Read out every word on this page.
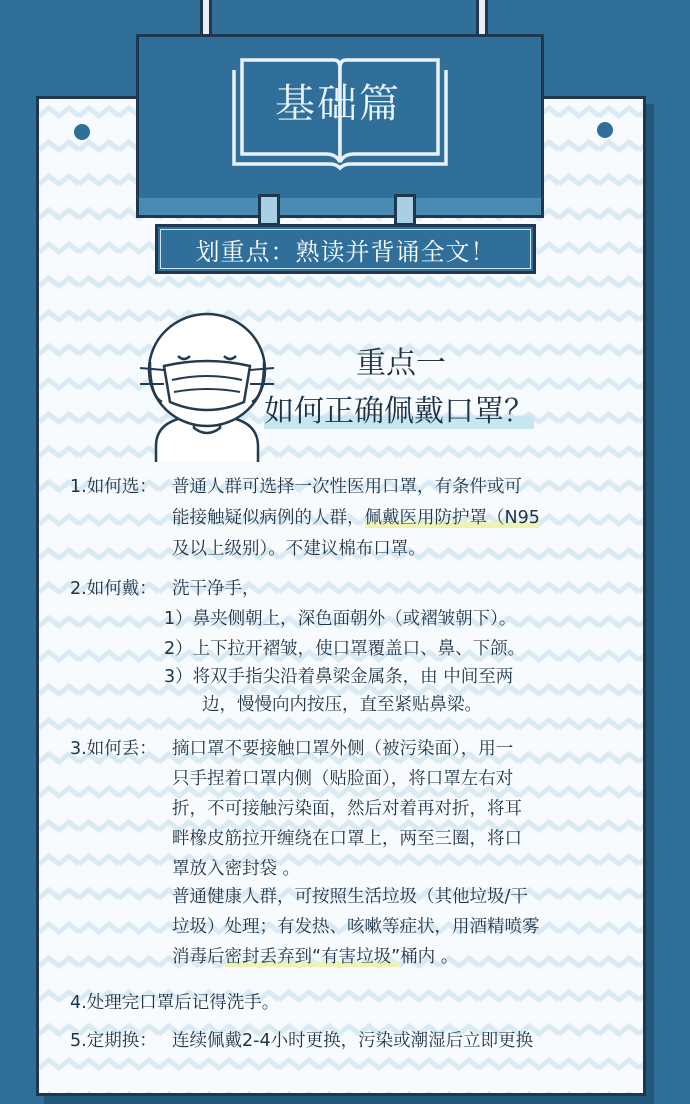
基础篇
划重点：熟读并背诵全文！
重点一
如何正确佩戴口罩？
1.如何选： 普通人群可选择一次性医用口罩，有条件或可
能接触疑似病例的人群，佩戴医用防护罩（N95
及以上级别）。不建议棉布口罩。
2.如何戴： 洗干净手，
1）鼻夹侧朝上，深色面朝外（或褶皱朝下）。
2）上下拉开褶皱，使口罩覆盖口、鼻、下颌。
3）将双手指尖沿着鼻梁金属条，由 中间至两
边，慢慢向内按压，直至紧贴鼻梁。
3.如何丢： 摘口罩不要接触口罩外侧（被污染面），用一
只手捏着口罩内侧（贴脸面），将口罩左右对
折，不可接触污染面，然后对着再对折，将耳
畔橡皮筋拉开缠绕在口罩上，两至三圈，将口
罩放入密封袋 。
普通健康人群，可按照生活垃圾（其他垃圾/干
垃圾）处理；有发热、咳嗽等症状，用酒精喷雾
消毒后密封丢弃到“有害垃圾”桶内 。
4.处理完口罩后记得洗手。
5.定期换： 连续佩戴2-4小时更换，污染或潮湿后立即更换
